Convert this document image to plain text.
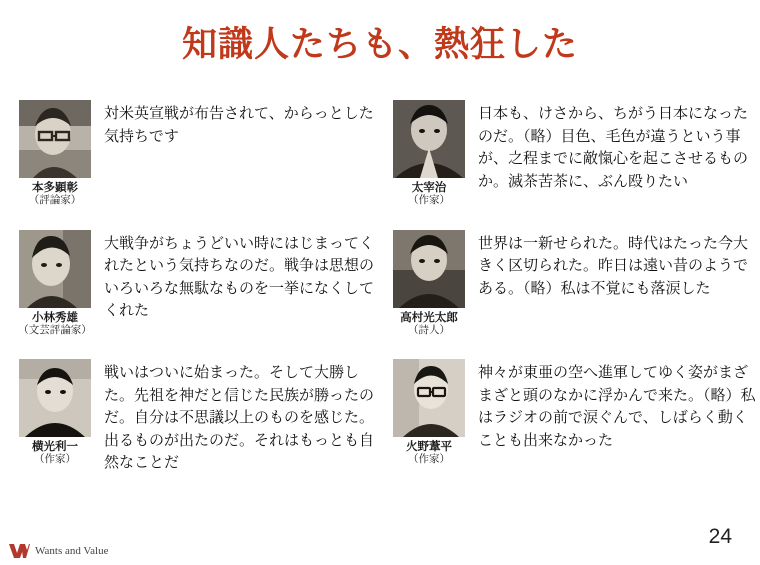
知識人たちも、熱狂した
本多顕彰
（評論家）
対米英宣戦が布告されて、からっとした気持ちです
小林秀雄
（文芸評論家）
大戦争がちょうどいい時にはじまってくれたという気持ちなのだ。戦争は思想のいろいろな無駄なものを一挙になくしてくれた
横光利一
（作家）
戦いはついに始まった。そして大勝した。先祖を神だと信じた民族が勝ったのだ。自分は不思議以上のものを感じた。出るものが出たのだ。それはもっとも自然なことだ
太宰治
（作家）
日本も、けさから、ちがう日本になったのだ。（略）目色、毛色が違うという事が、之程までに敵愾心を起こさせるものか。滅茶苦茶に、ぶん殴りたい
高村光太郎
（詩人）
世界は一新せられた。時代はたった今大きく区切られた。昨日は遠い昔のようである。（略）私は不覚にも落涙した
火野葦平
（作家）
神々が東亜の空へ進軍してゆく姿がまざまざと頭のなかに浮かんで来た。（略）私はラジオの前で涙ぐんで、しばらく動くことも出来なかった
Wants and Value
24
